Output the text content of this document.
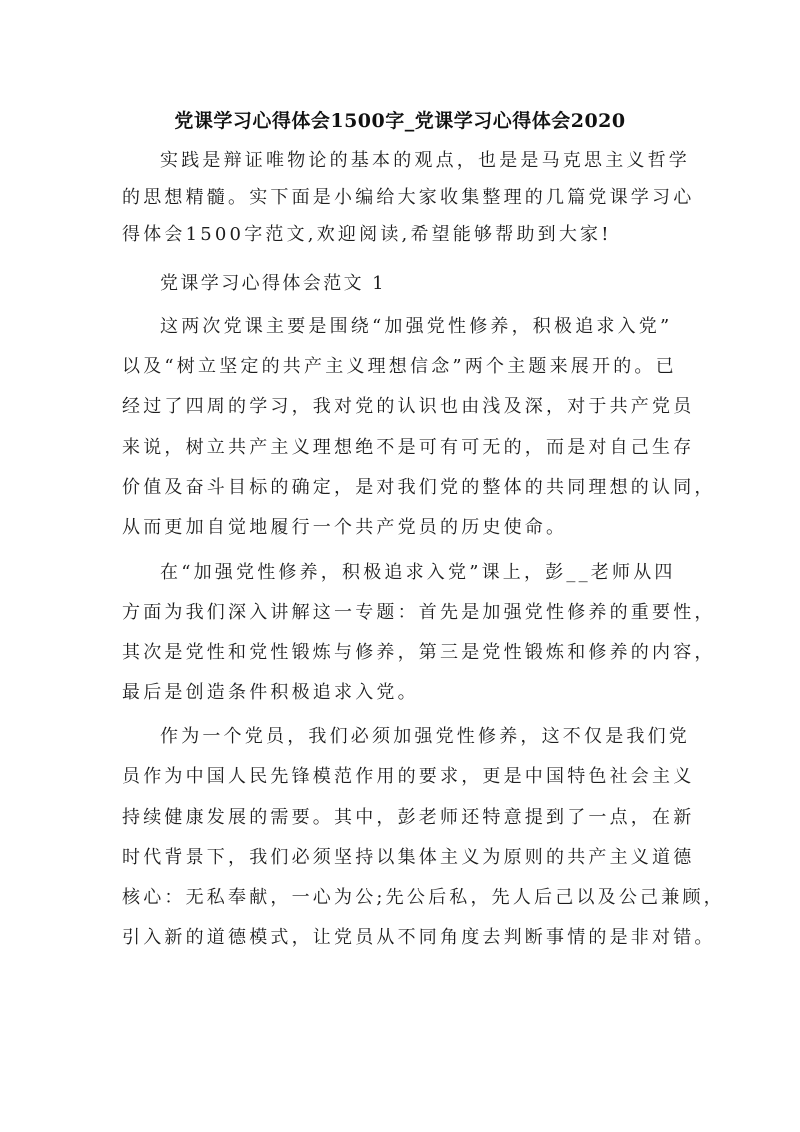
党课学习心得体会1500字_党课学习心得体会2020
实践是辩证唯物论的基本的观点，也是是马克思主义哲学
的思想精髓。实下面是小编给大家收集整理的几篇党课学习心
得体会1500字范文,欢迎阅读,希望能够帮助到大家!
党课学习心得体会范文 1
这两次党课主要是围绕“加强党性修养，积极追求入党”
以及“树立坚定的共产主义理想信念”两个主题来展开的。已
经过了四周的学习，我对党的认识也由浅及深，对于共产党员
来说，树立共产主义理想绝不是可有可无的，而是对自己生存
价值及奋斗目标的确定，是对我们党的整体的共同理想的认同，
从而更加自觉地履行一个共产党员的历史使命。
在“加强党性修养，积极追求入党”课上，彭__老师从四
方面为我们深入讲解这一专题：首先是加强党性修养的重要性，
其次是党性和党性锻炼与修养，第三是党性锻炼和修养的内容，
最后是创造条件积极追求入党。
作为一个党员，我们必须加强党性修养，这不仅是我们党
员作为中国人民先锋模范作用的要求，更是中国特色社会主义
持续健康发展的需要。其中，彭老师还特意提到了一点，在新
时代背景下，我们必须坚持以集体主义为原则的共产主义道德
核心：无私奉献，一心为公;先公后私，先人后己以及公己兼顾，
引入新的道德模式，让党员从不同角度去判断事情的是非对错。
